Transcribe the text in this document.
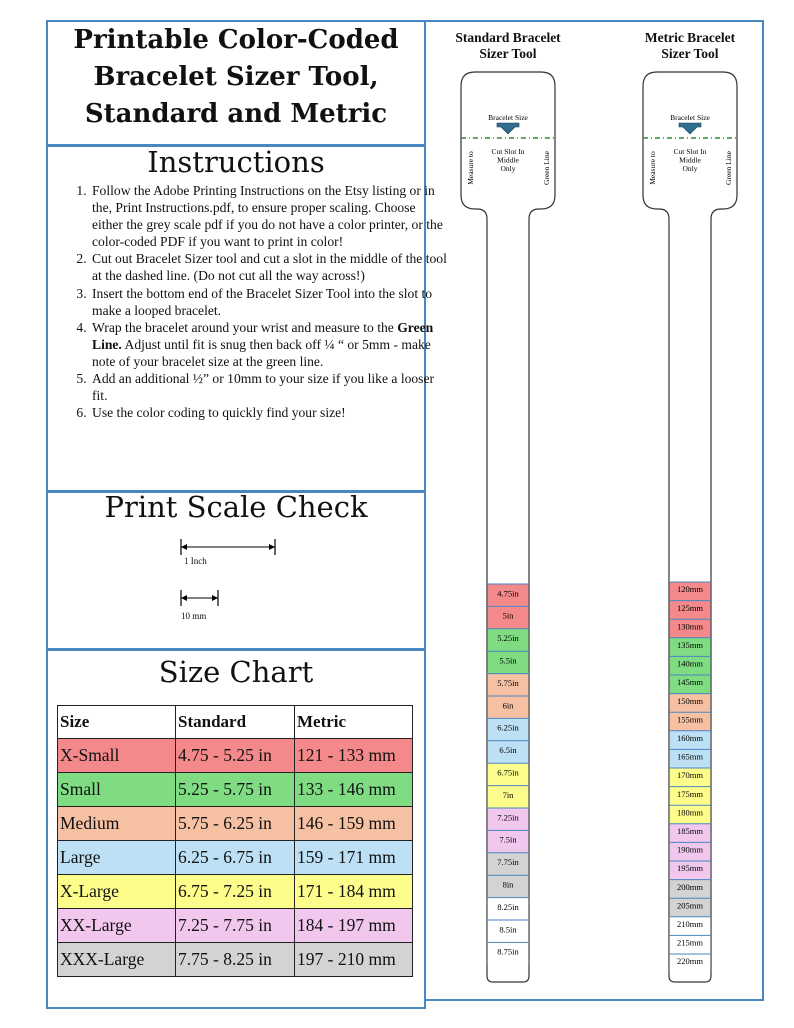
Printable Color-Coded
Bracelet Sizer Tool,
Standard and Metric
Instructions
1. Follow the Adobe Printing Instructions on the Etsy listing or in the, Print Instructions.pdf, to ensure proper scaling. Choose either the grey scale pdf if you do not have a color printer, or the color-coded PDF if you want to print in color!
2. Cut out Bracelet Sizer tool and cut a slot in the middle of the tool at the dashed line. (Do not cut all the way across!)
3. Insert the bottom end of the Bracelet Sizer Tool into the slot to make a looped bracelet.
4. Wrap the bracelet around your wrist and measure to the Green Line. Adjust until fit is snug then back off ¼ “ or 5mm - make note of your bracelet size at the green line.
5. Add an additional ½” or 10mm to your size if you like a looser fit.
6. Use the color coding to quickly find your size!
Print Scale Check
1 Inch
10 mm
Size Chart
Size	Standard	Metric
X-Small	4.75 - 5.25 in	121 - 133 mm
Small	5.25 - 5.75 in	133 - 146 mm
Medium	5.75 - 6.25 in	146 - 159 mm
Large	6.25 - 6.75 in	159 - 171 mm
X-Large	6.75 - 7.25 in	171 - 184 mm
XX-Large	7.25 - 7.75 in	184 - 197 mm
XXX-Large	7.75 - 8.25 in	197 - 210 mm
Standard Bracelet
Sizer Tool
Metric Bracelet
Sizer Tool
Bracelet Size
Cut Slot In
Middle
Only
Measure to	Green Line
4.75in
5in
5.25in
5.5in
5.75in
6in
6.25in
6.5in
6.75in
7in
7.25in
7.5in
7.75in
8in
8.25in
8.5in
8.75in
Bracelet Size
Cut Slot In
Middle
Only
Measure to	Green Line
120mm
125mm
130mm
135mm
140mm
145mm
150mm
155mm
160mm
165mm
170mm
175mm
180mm
185mm
190mm
195mm
200mm
205mm
210mm
215mm
220mm
